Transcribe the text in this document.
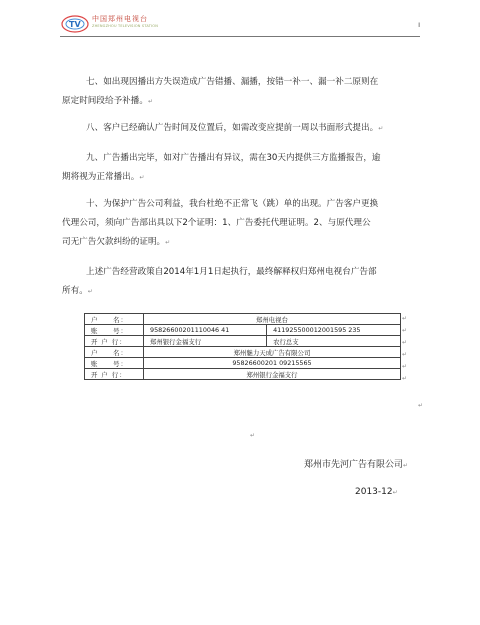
TV
中国郑州电视台
ZHENGZHOU TELEVISION STATION	ı

七、如出现因播出方失误造成广告错播、漏播，按错一补一、漏一补二原则在
原定时间段给予补播。↵

八、客户已经确认广告时间及位置后，如需改变应提前一周以书面形式提出。↵

九、广告播出完毕，如对广告播出有异议，需在30天内提供三方监播报告，逾
期将视为正常播出。↵

十、为保护广告公司利益，我台杜绝不正常飞（跳）单的出现。广告客户更换
代理公司，须向广告部出具以下2个证明：1、广告委托代理证明。2、与原代理公
司无广告欠款纠纷的证明。↵

上述广告经营政策自2014年1月1日起执行，最终解释权归郑州电视台广告部
所有。↵
户　　名：	郑州电视台	
账　　号：	95826600201110046 41	411925500012001595 235
开 户 行：	郑州银行金福支行	农行总支
户　　名：	郑州魅力天成广告有限公司	
账　　号：	95826600201 09215565	
开 户 行：	郑州银行金福支行	
↵
↵
↵
↵
↵
↵
↵
↵
郑州市先河广告有限公司↵
2013-12↵
